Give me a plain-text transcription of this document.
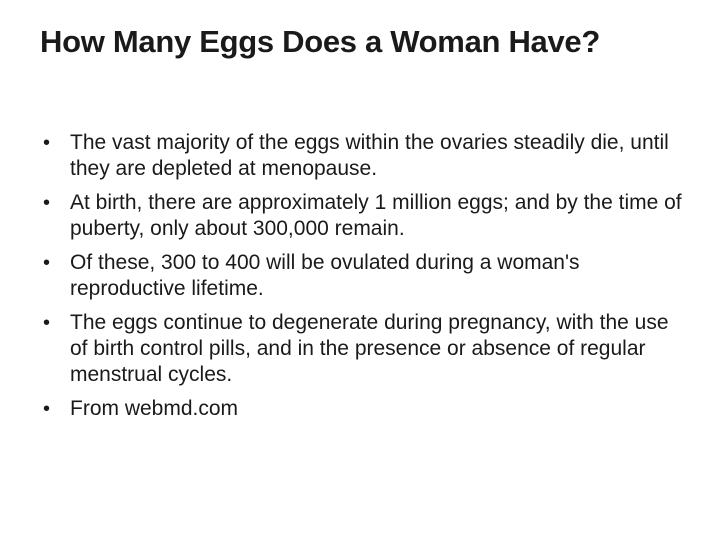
How Many Eggs Does a Woman Have?
• The vast majority of the eggs within the ovaries steadily die, until they are depleted at menopause.
• At birth, there are approximately 1 million eggs; and by the time of puberty, only about 300,000 remain.
• Of these, 300 to 400 will be ovulated during a woman's reproductive lifetime.
• The eggs continue to degenerate during pregnancy, with the use of birth control pills, and in the presence or absence of regular menstrual cycles.
• From webmd.com
